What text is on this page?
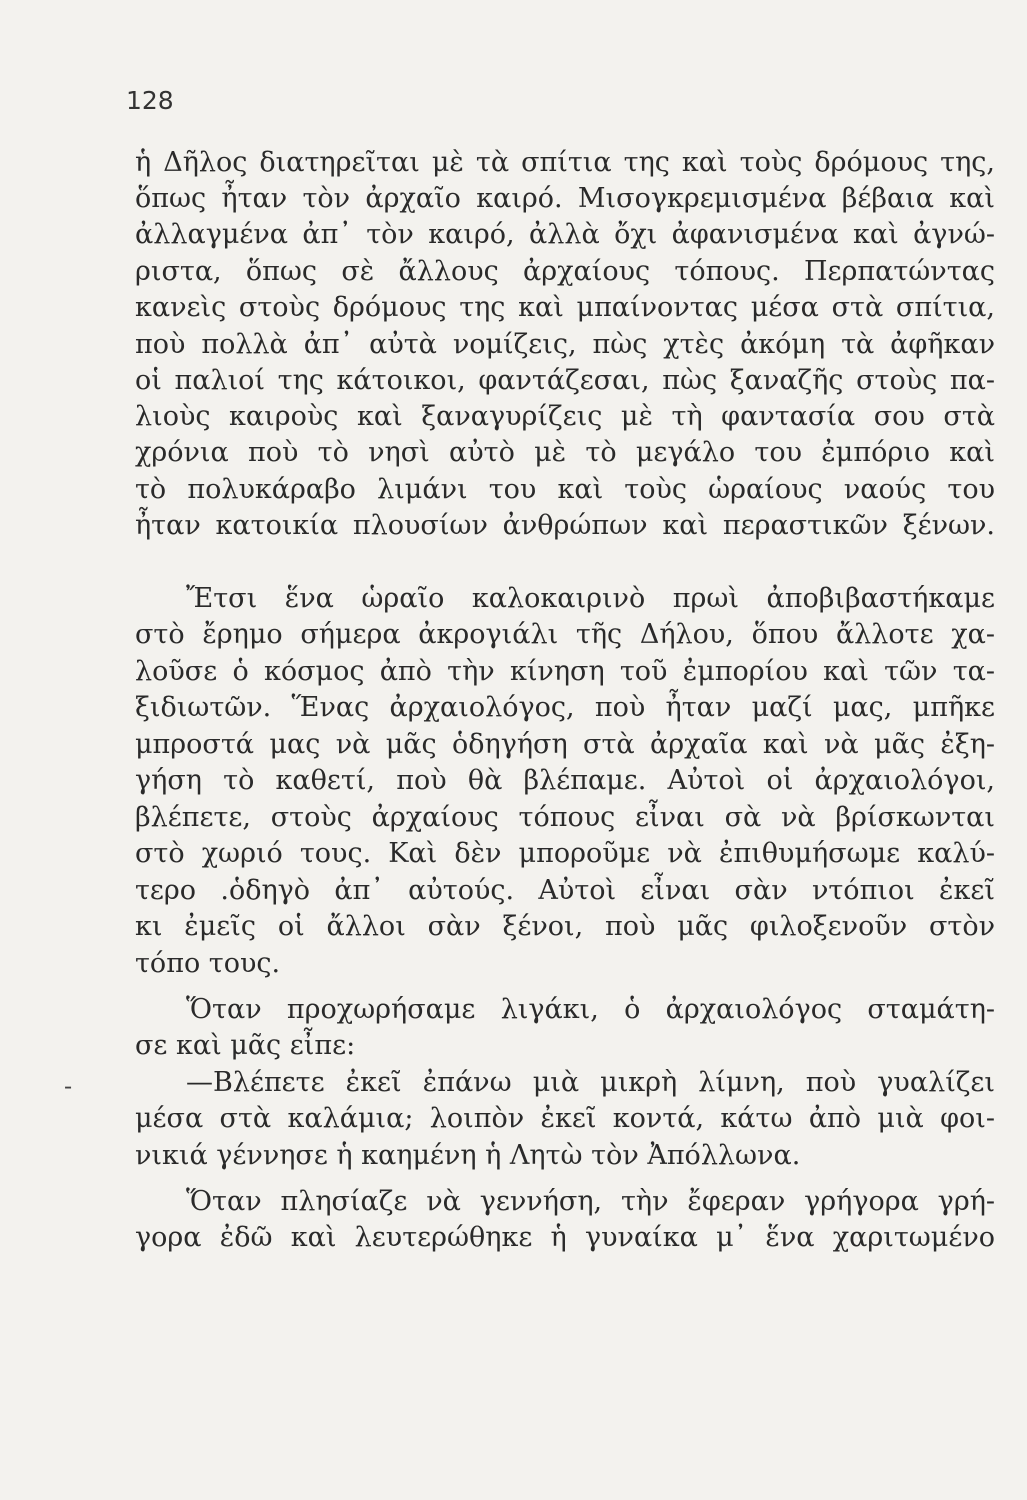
128
ἡ Δῆλος διατηρεῖται μὲ τὰ σπίτια της καὶ τοὺς δρόμους της,
ὅπως ἦταν τὸν ἀρχαῖο καιρό. Μισογκρεμισμένα βέβαια καὶ
ἀλλαγμένα ἀπ᾽ τὸν καιρό, ἀλλὰ ὄχι ἀφανισμένα καὶ ἀγνώ-
ριστα, ὅπως σὲ ἄλλους ἀρχαίους τόπους. Περπατώντας
κανεὶς στοὺς δρόμους της καὶ μπαίνοντας μέσα στὰ σπίτια,
ποὺ πολλὰ ἀπ᾽ αὐτὰ νομίζεις, πὼς χτὲς ἀκόμη τὰ ἀφῆκαν
οἱ παλιοί της κάτοικοι, φαντάζεσαι, πὼς ξαναζῆς στοὺς πα-
λιοὺς καιροὺς καὶ ξαναγυρίζεις μὲ τὴ φαντασία σου στὰ
χρόνια ποὺ τὸ νησὶ αὐτὸ μὲ τὸ μεγάλο του ἐμπόριο καὶ
τὸ πολυκάραβο λιμάνι του καὶ τοὺς ὡραίους ναούς του
ἦταν κατοικία πλουσίων ἀνθρώπων καὶ περαστικῶν ξένων.
Ἔτσι ἕνα ὡραῖο καλοκαιρινὸ πρωὶ ἀποβιβαστήκαμε
στὸ ἔρημο σήμερα ἀκρογιάλι τῆς Δήλου, ὅπου ἄλλοτε χα-
λοῦσε ὁ κόσμος ἀπὸ τὴν κίνηση τοῦ ἐμπορίου καὶ τῶν τα-
ξιδιωτῶν. Ἕνας ἀρχαιολόγος, ποὺ ἦταν μαζί μας, μπῆκε
μπροστά μας νὰ μᾶς ὁδηγήση στὰ ἀρχαῖα καὶ νὰ μᾶς ἐξη-
γήση τὸ καθετί, ποὺ θὰ βλέπαμε. Αὐτοὶ οἱ ἀρχαιολόγοι,
βλέπετε, στοὺς ἀρχαίους τόπους εἶναι σὰ νὰ βρίσκωνται
στὸ χωριό τους. Καὶ δὲν μποροῦμε νὰ ἐπιθυμήσωμε καλύ-
τερο .ὁδηγὸ ἀπ᾽ αὐτούς. Αὐτοὶ εἶναι σὰν ντόπιοι ἐκεῖ
κι ἐμεῖς οἱ ἄλλοι σὰν ξένοι, ποὺ μᾶς φιλοξενοῦν στὸν
τόπο τους.
Ὅταν προχωρήσαμε λιγάκι, ὁ ἀρχαιολόγος σταμάτη-
σε καὶ μᾶς εἶπε:
—Βλέπετε ἐκεῖ ἐπάνω μιὰ μικρὴ λίμνη, ποὺ γυαλίζει
μέσα στὰ καλάμια; λοιπὸν ἐκεῖ κοντά, κάτω ἀπὸ μιὰ φοι-
νικιά γέννησε ἡ καημένη ἡ Λητὼ τὸν Ἀπόλλωνα.
Ὅταν πλησίαζε νὰ γεννήση, τὴν ἔφεραν γρήγορα γρή-
γορα ἐδῶ καὶ λευτερώθηκε ἡ γυναίκα μ᾽ ἕνα χαριτωμένο
-
